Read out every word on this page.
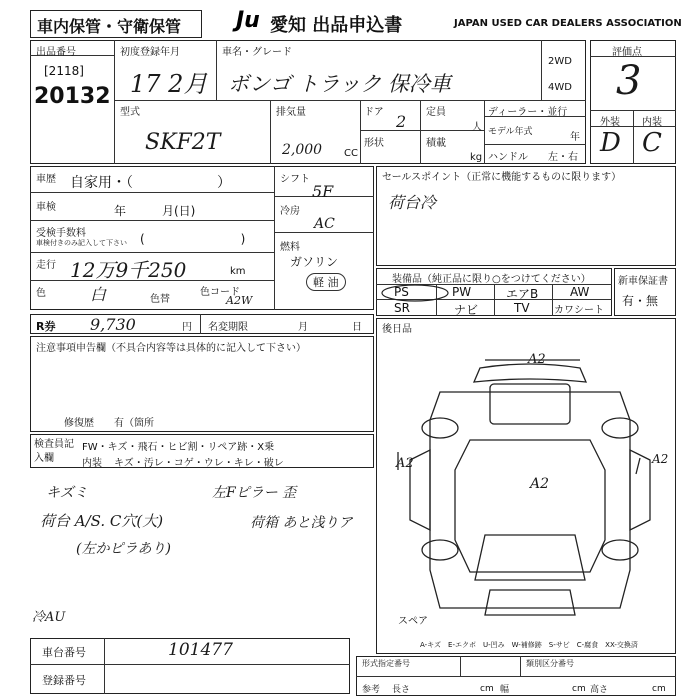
車内保管・守衛保管 Ju 愛知 出品申込書	JAPAN USED CAR DEALERS ASSOCIATION
出品番号
[2118]
20132
初度登録年月
17 2月
車名・グレード
ボンゴ トラック 保冷車
2WD
4WD
評価点
3
外装 内装
D C
型式
SKF2T
排気量
2,000 CC
ドア 2 定員
人
形状	積載
kg
ディーラー・並行
モデル年式	年
ハンドル 左・右
車歴 自家用・（　　　　　　）
車検	年　　　月(日)
受検手数料
車検付きのみ記入して下さい (　　　　　　　　)
走行 12万9千250	km
色	白	色替
色コード
A2W
シフト
5F
冷房
AC
燃料
ガソリン
軽 油
セールスポイント（正常に機能するものに限ります）
荷台冷
装備品（純正品に限り○をつけてください）
PS	PW	エアB	AW
SR	ナビ	TV カワシート
新車保証書
有・無
R券 9,730	円 名変期限	月	日
注意事項申告欄（不具合内容等は具体的に記入して下さい）
修復歴 有（箇所
検査員記入欄
FW・キズ・飛石・ヒビ割・リペア跡・X乗
内装 キズ・汚レ・コゲ・ウレ・キレ・破レ
キズミ	左Fピラー 歪
荷台 A/S. C穴(大)	荷箱 あと浅りア
(左かピラあり)
冷AU
後日品
A2
A2
A2
A2
スペア
A-キズ　E-エクボ　U-凹み　W-補修跡　S-サビ　C-腐食　XX-交換済
車台番号	101477
登録番号
形式指定番号	類別区分番号
参考 長さ	cm 幅	cm 高さ	cm
